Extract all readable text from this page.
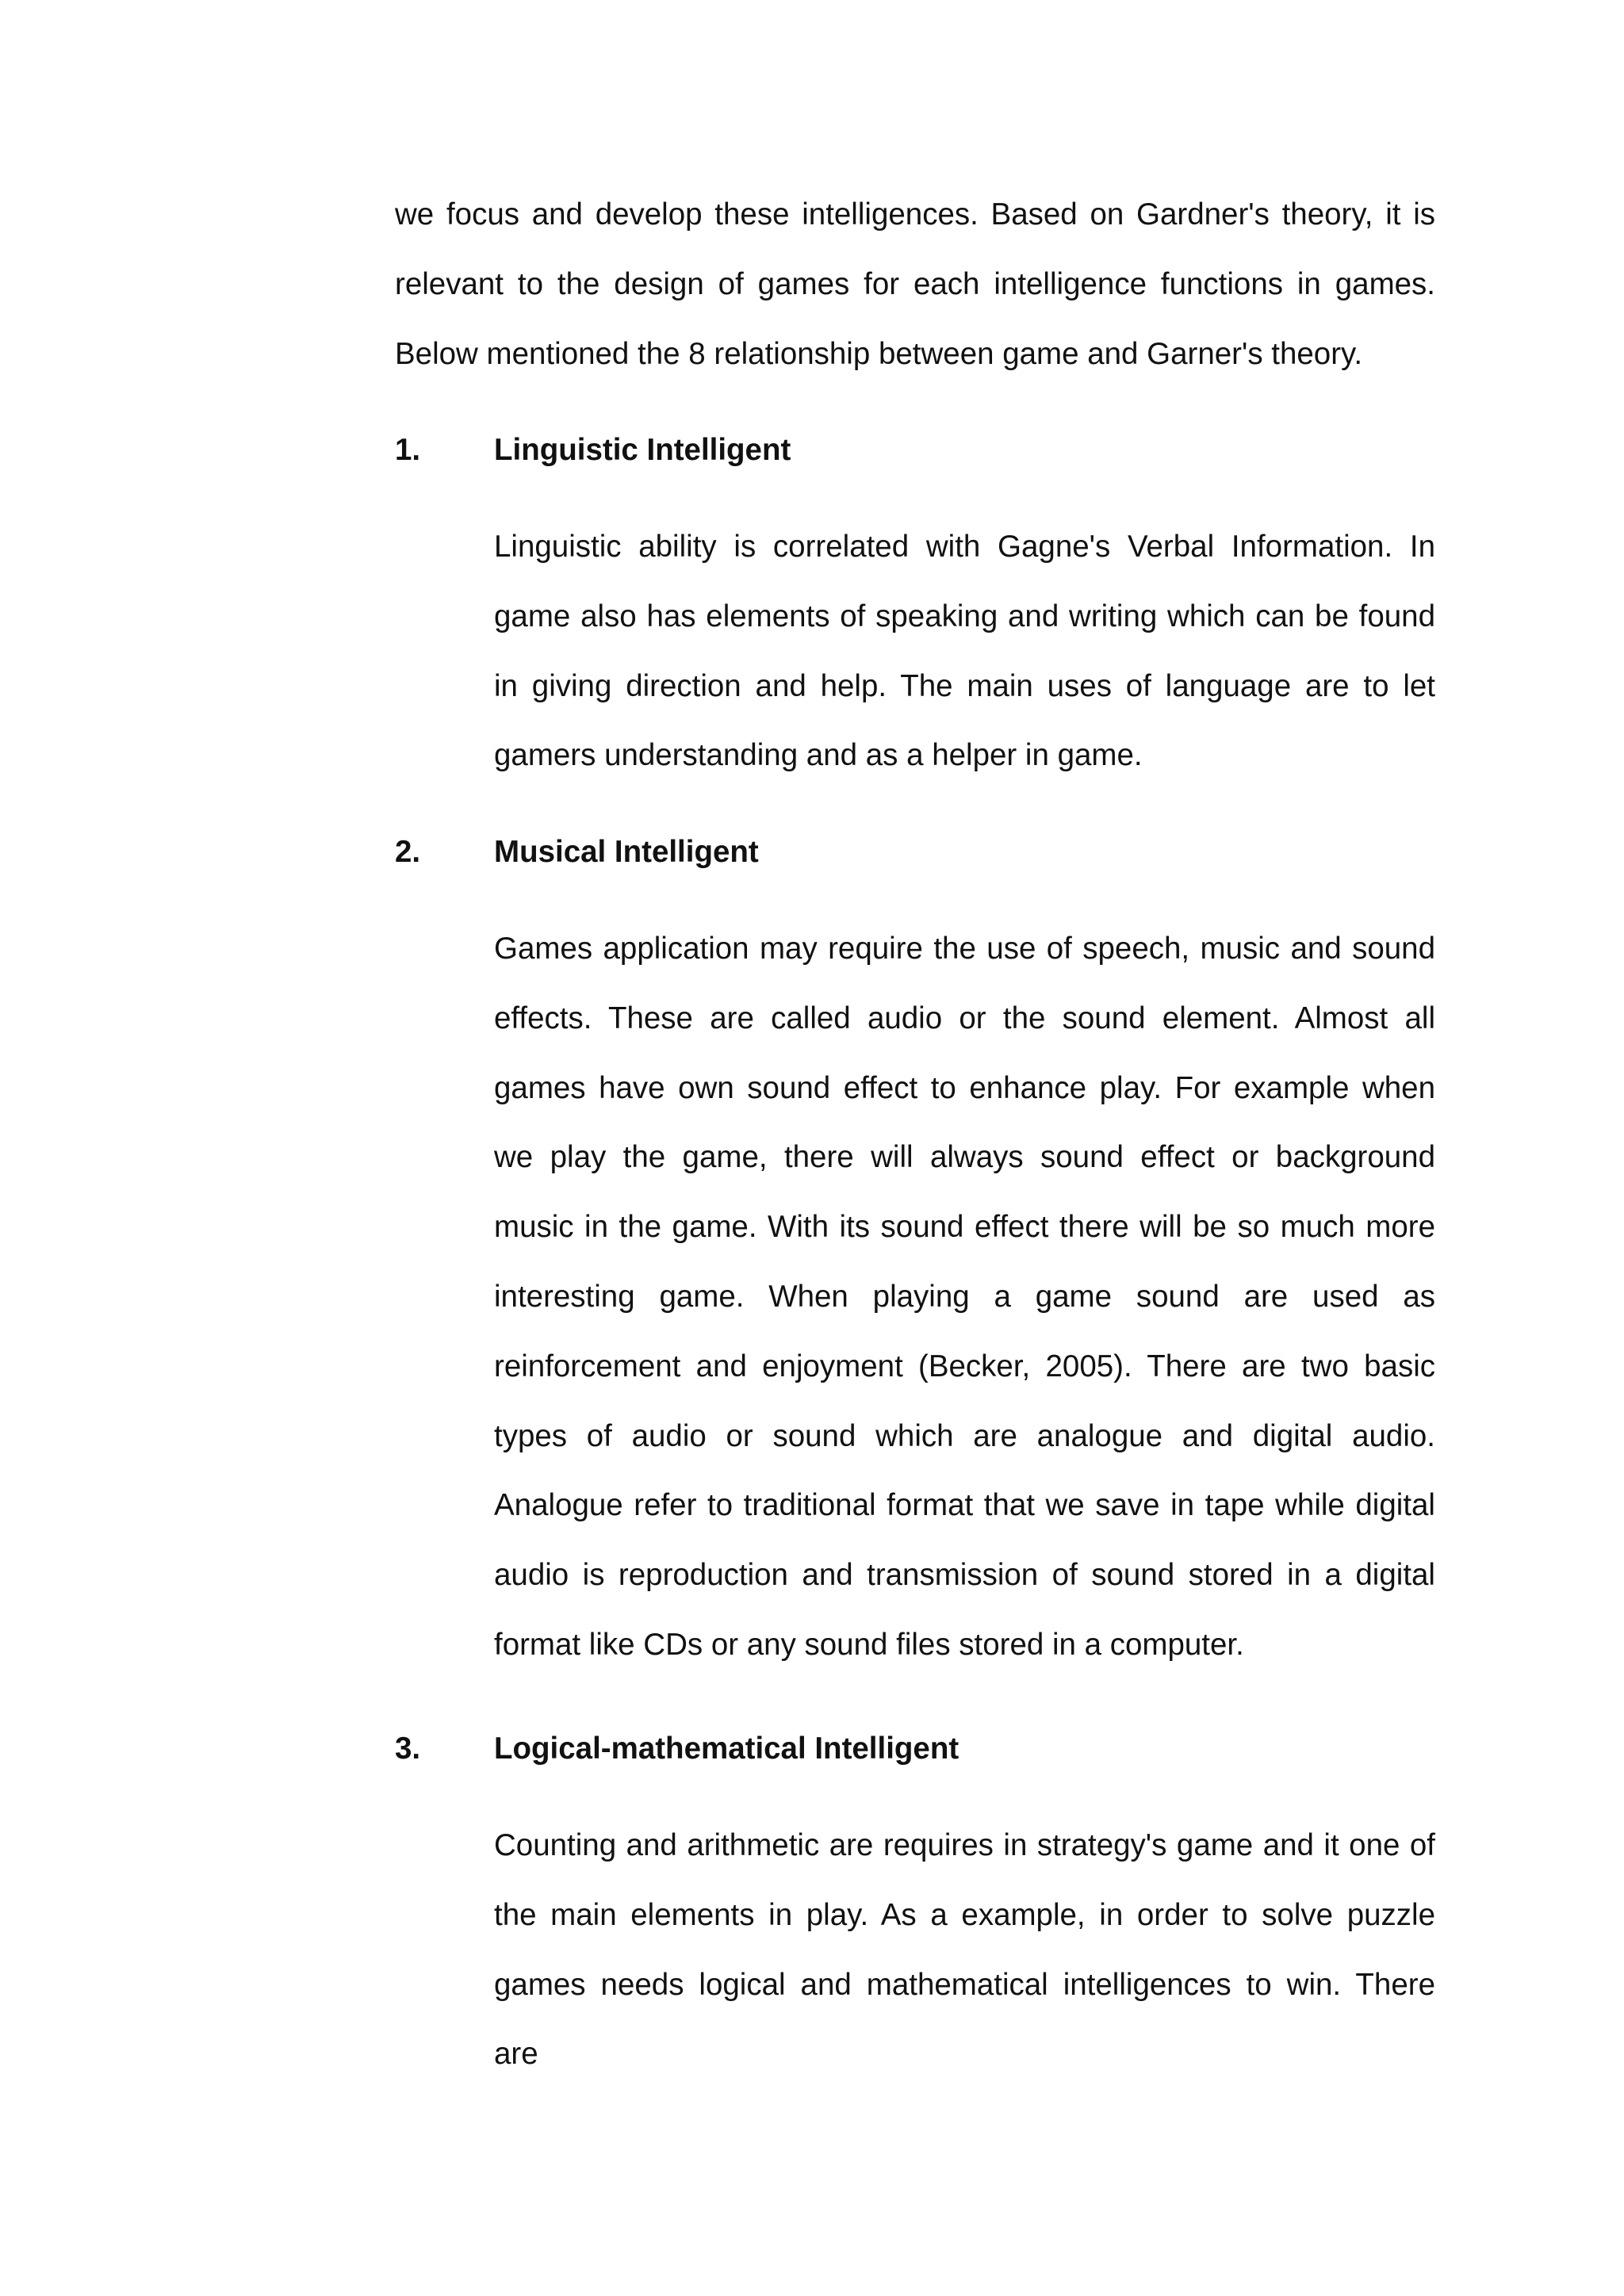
we focus and develop these intelligences. Based on Gardner's theory, it is relevant to the design of games for each intelligence functions in games. Below mentioned the 8 relationship between game and Garner's theory.

1. Linguistic Intelligent

Linguistic ability is correlated with Gagne's Verbal Information. In game also has elements of speaking and writing which can be found in giving direction and help. The main uses of language are to let gamers understanding and as a helper in game.

2. Musical Intelligent

Games application may require the use of speech, music and sound effects. These are called audio or the sound element. Almost all games have own sound effect to enhance play. For example when we play the game, there will always sound effect or background music in the game. With its sound effect there will be so much more interesting game. When playing a game sound are used as reinforcement and enjoyment (Becker, 2005). There are two basic types of audio or sound which are analogue and digital audio. Analogue refer to traditional format that we save in tape while digital audio is reproduction and transmission of sound stored in a digital format like CDs or any sound files stored in a computer.

3. Logical-mathematical Intelligent

Counting and arithmetic are requires in strategy's game and it one of the main elements in play. As a example, in order to solve puzzle games needs logical and mathematical intelligences to win. There are
